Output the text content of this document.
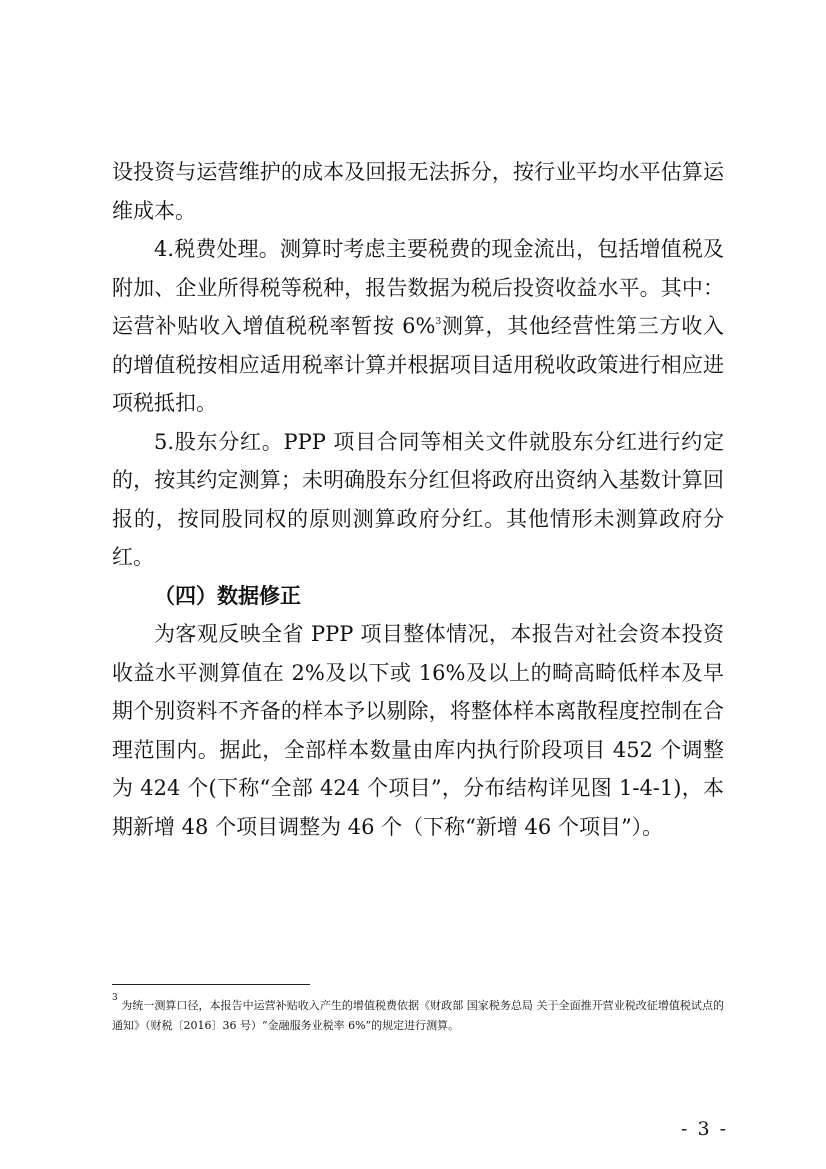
设投资与运营维护的成本及回报无法拆分，按行业平均水平估算运维成本。

4.税费处理。测算时考虑主要税费的现金流出，包括增值税及附加、企业所得税等税种，报告数据为税后投资收益水平。其中：运营补贴收入增值税税率暂按 6%$^3$测算，其他经营性第三方收入的增值税按相应适用税率计算并根据项目适用税收政策进行相应进项税抵扣。

5.股东分红。PPP 项目合同等相关文件就股东分红进行约定的，按其约定测算；未明确股东分红但将政府出资纳入基数计算回报的，按同股同权的原则测算政府分红。其他情形未测算政府分红。

（四）数据修正

为客观反映全省 PPP 项目整体情况，本报告对社会资本投资收益水平测算值在 2%及以下或 16%及以上的畸高畸低样本及早期个别资料不齐备的样本予以剔除，将整体样本离散程度控制在合理范围内。据此，全部样本数量由库内执行阶段项目 452 个调整为 424 个(下称“全部 424 个项目”，分布结构详见图 1-4-1)，本期新增 48 个项目调整为 46 个（下称“新增 46 个项目”）。

$^3$ 为统一测算口径，本报告中运营补贴收入产生的增值税费依据《财政部 国家税务总局 关于全面推开营业税改征增值税试点的通知》（财税〔2016〕36 号）“金融服务业税率 6%”的规定进行测算。
- 3 -
